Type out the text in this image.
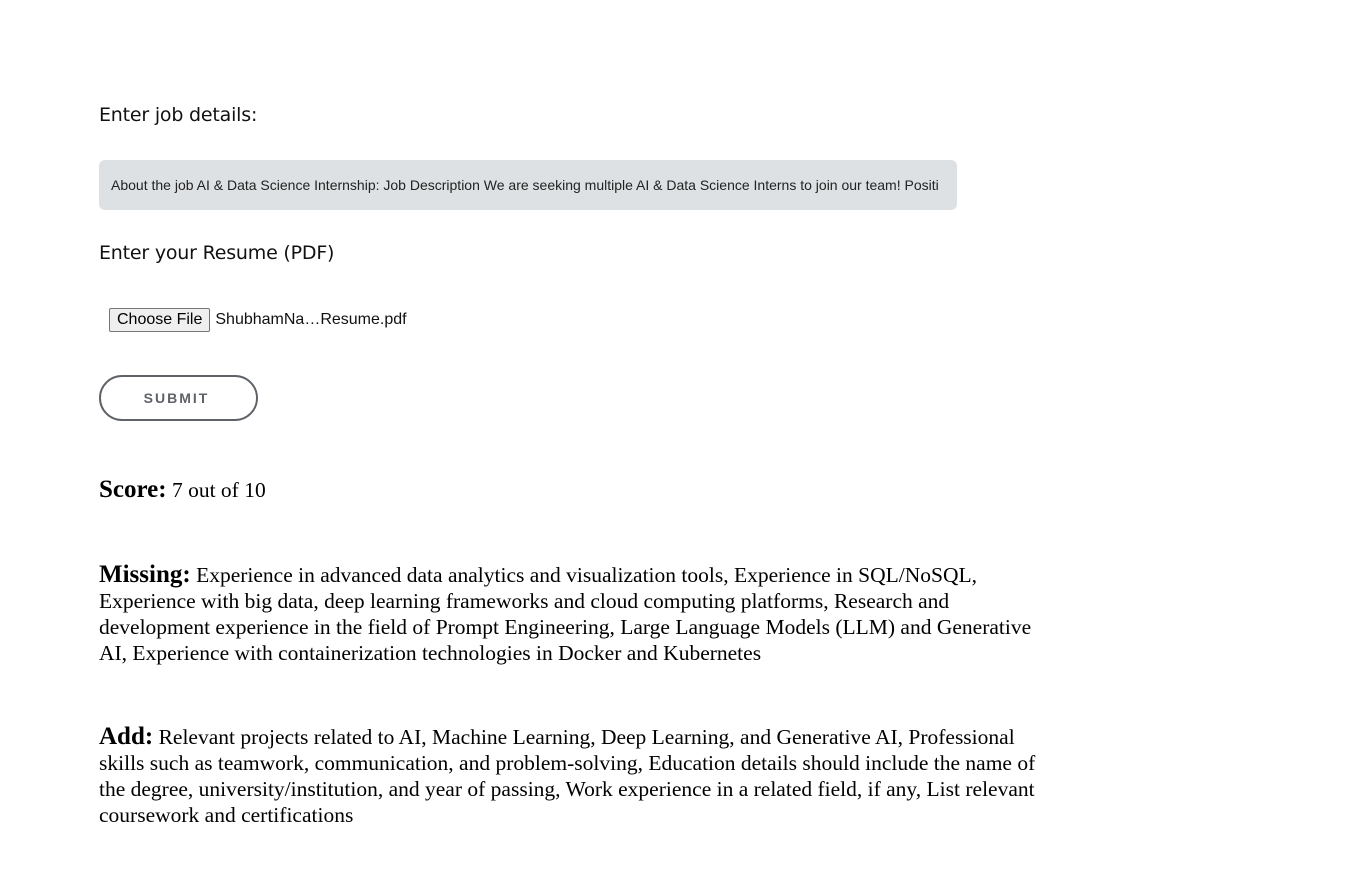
Enter job details:
About the job AI & Data Science Internship: Job Description We are seeking multiple AI & Data Science Interns to join our team! Positi
Enter your Resume (PDF)
Choose File ShubhamNa…Resume.pdf
SUBMIT
Score: 7 out of 10
Missing: Experience in advanced data analytics and visualization tools, Experience in SQL/NoSQL, Experience with big data, deep learning frameworks and cloud computing platforms, Research and development experience in the field of Prompt Engineering, Large Language Models (LLM) and Generative AI, Experience with containerization technologies in Docker and Kubernetes
Add: Relevant projects related to AI, Machine Learning, Deep Learning, and Generative AI, Professional skills such as teamwork, communication, and problem-solving, Education details should include the name of the degree, university/institution, and year of passing, Work experience in a related field, if any, List relevant coursework and certifications
